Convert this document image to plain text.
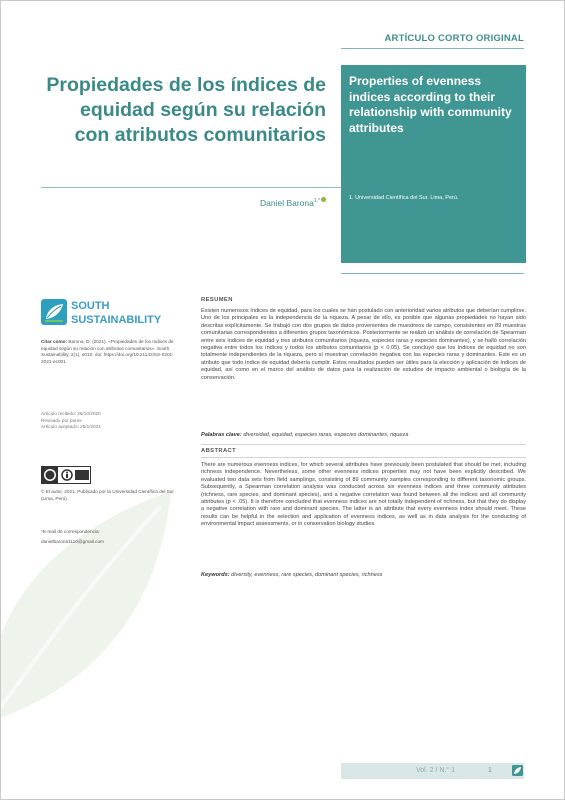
ARTÍCULO CORTO ORIGINAL
Propiedades de los índices de equidad según su relación con atributos comunitarios
Properties of evenness indices according to their relationship with community attributes
1. Universidad Científica del Sur. Lima, Perú.
Daniel Barona$^{1,*}$
SOUTH
SUSTAINABILITY
Citar como: Barona, D. (2021). «Propiedades de los índices de equidad según su relación con atributos comunitarios». South Sustainability, 2(1), e010. doi: https://doi.org/10.21142/SS-0201-2021-ec001
Artículo recibido: 25/10/2020
Revisado por pares
Artículo aceptado: 25/1/2021
© El autor, 2021. Publicado por la Universidad Científica del Sur (Lima, Perú)
*E-mail de correspondencia:
danielbarona1110@gmail.com
RESUMEN
Existen numerosos índices de equidad, para los cuales se han postulado con anterioridad varios atributos que deberían cumplirse. Uno de los principales es la independencia de la riqueza. A pesar de ello, es posible que algunas propiedades no hayan sido descritas explícitamente. Se trabajó con dos grupos de datos provenientes de muestreos de campo, consistentes en 89 muestras comunitarias correspondientes a diferentes grupos taxonómicos. Posteriormente se realizó un análisis de correlación de Spearman entre seis índices de equidad y tres atributos comunitarios (riqueza, especies raras y especies dominantes), y se halló correlación negativa entre todos los índices y todos los atributos comunitarios (p < 0.05). Se concluyó que los índices de equidad no son totalmente independientes de la riqueza, pero sí muestran correlación negativa con las especies raras y dominantes. Este es un atributo que todo índice de equidad debería cumplir. Estos resultados pueden ser útiles para la elección y aplicación de índices de equidad, así como en el marco del análisis de datos para la realización de estudios de impacto ambiental o biología de la conservación.
Palabras clave: diversidad, equidad, especies raras, especies dominantes, riqueza
ABSTRACT
There are numerous evenness indices, for which several attributes have previously been postulated that should be met, including richness independence. Nevertheless, some other evenness indices properties may not have been explicitly described. We evaluated two data sets from field samplings, consisting of 89 community samples corresponding to different taxonomic groups. Subsequently, a Spearman correlation analysis was conducted across six evenness indices and three community attributes (richness, rare species, and dominant species), and a negative correlation was found between all the indices and all community attributes (p < .05). It is therefore concluded that evenness indices are not totally independent of richness, but that they do display a negative correlation with rare and dominant species. The latter is an attribute that every evenness index should meet. These results can be helpful in the selection and application of evenness indices, as well as in data analysis for the conducting of environmental impact assessments, or in conservation biology studies.
Keywords: diversity, evenness, rare species, dominant species, richness
Vol. 2 / N.° 1	1
